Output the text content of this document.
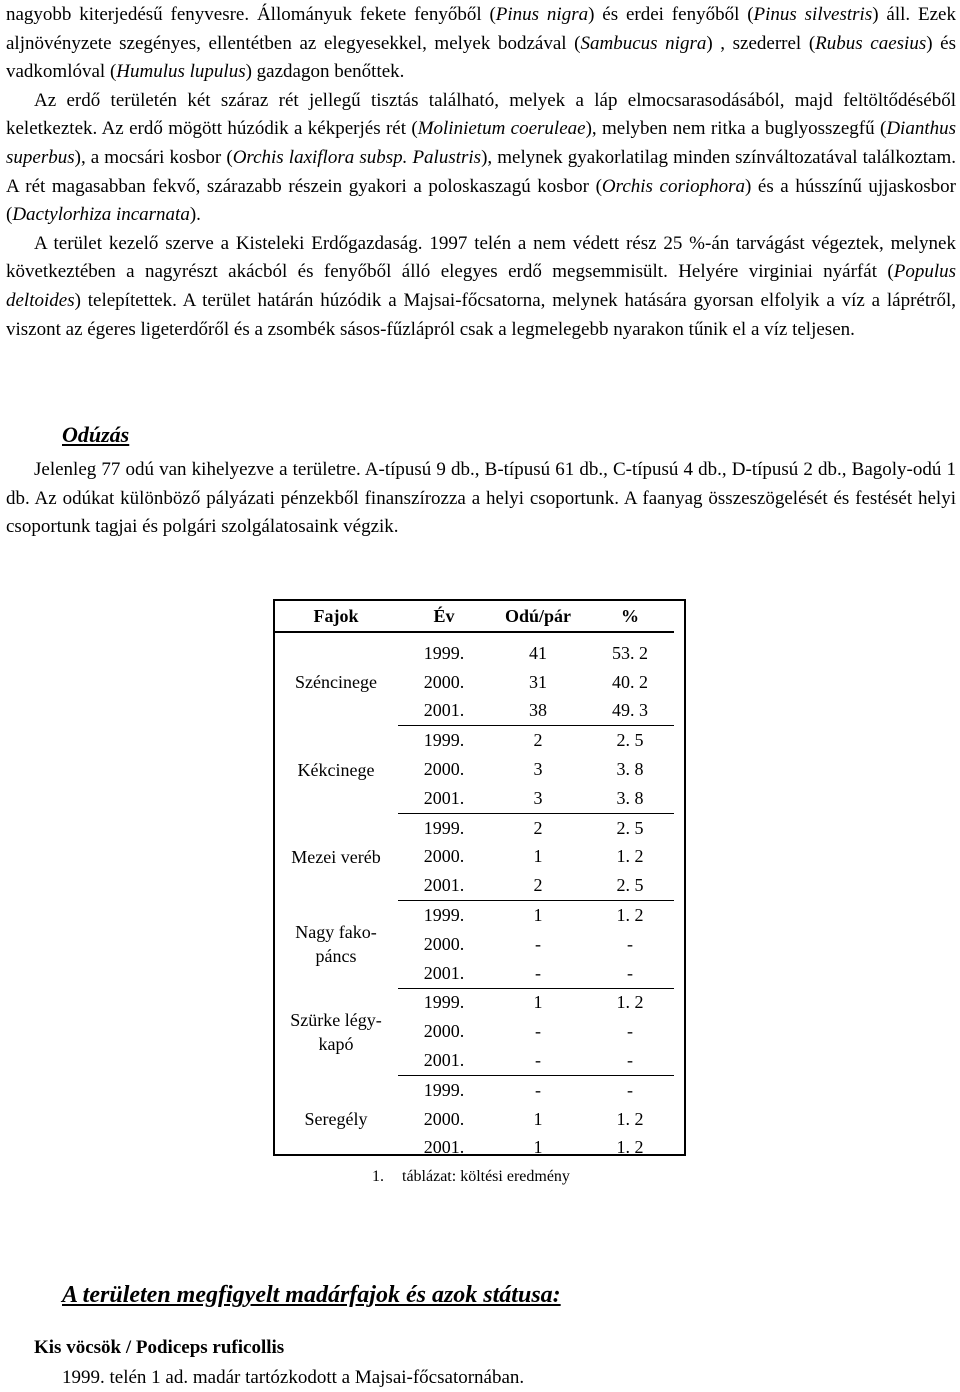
nagyobb kiterjedésű fenyvesre. Állományuk fekete fenyőből (Pinus nigra) és erdei fenyőből (Pinus silvestris) áll. Ezek aljnövényzete szegényes, ellentétben az elegyesekkel, melyek bodzával (Sambucus nigra) , szederrel (Rubus caesius) és vadkomlóval (Humulus lupulus) gazdagon benőttek.

Az erdő területén két száraz rét jellegű tisztás található, melyek a láp elmocsarasodásából, majd feltöltődéséből keletkeztek. Az erdő mögött húzódik a kékperjés rét (Molinietum coeruleae), melyben nem ritka a buglyosszegfű (Dianthus superbus), a mocsári kosbor (Orchis laxiflora subsp. Palustris), melynek gyakorlatilag minden színváltozatával találkoztam. A rét magasabban fekvő, szárazabb részein gyakori a poloskaszagú kosbor (Orchis coriophora) és a hússzínű ujjaskosbor (Dactylorhiza incarnata).

A terület kezelő szerve a Kisteleki Erdőgazdaság. 1997 telén a nem védett rész 25 %-án tarvágást végeztek, melynek következtében a nagyrészt akácból és fenyőből álló elegyes erdő megsemmisült. Helyére virginiai nyárfát (Populus deltoides) telepítettek. A terület határán húzódik a Majsai-főcsatorna, melynek hatására gyorsan elfolyik a víz a láprétről, viszont az égeres ligeterdőről és a zsombék sásos-fűzlápról csak a legmelegebb nyarakon tűnik el a víz teljesen.

Odúzás

Jelenleg 77 odú van kihelyezve a területre. A-típusú 9 db., B-típusú 61 db., C-típusú 4 db., D-típusú 2 db., Bagoly-odú 1 db. Az odúkat különböző pályázati pénzekből finanszírozza a helyi csoportunk. A faanyag összeszögelését és festését helyi csoportunk tagjai és polgári szolgálatosaink végzik.

Fajok	Év	Odú/pár	%

Széncinege	1999.	41	53. 2
	2000.	31	40. 2
	2001.	38	49. 3

Kékcinege	1999.	2	2. 5
	2000.	3	3. 8
	2001.	3	3. 8

Mezei veréb	1999.	2	2. 5
	2000.	1	1. 2
	2001.	2	2. 5

Nagy fako-
páncs	1999.	1	1. 2
	2000.	-	-
	2001.	-	-

Szürke légy-
kapó	1999.	1	1. 2
	2000.	-	-
	2001.	-	-

Seregély	1999.	-	-
	2000.	1	1. 2
	2001.	1	1. 2
1. táblázat: költési eredmény
A területen megfigyelt madárfajok és azok státusa:

Kis vöcsök / Podiceps ruficollis

1999. telén 1 ad. madár tartózkodott a Majsai-főcsatornában.
